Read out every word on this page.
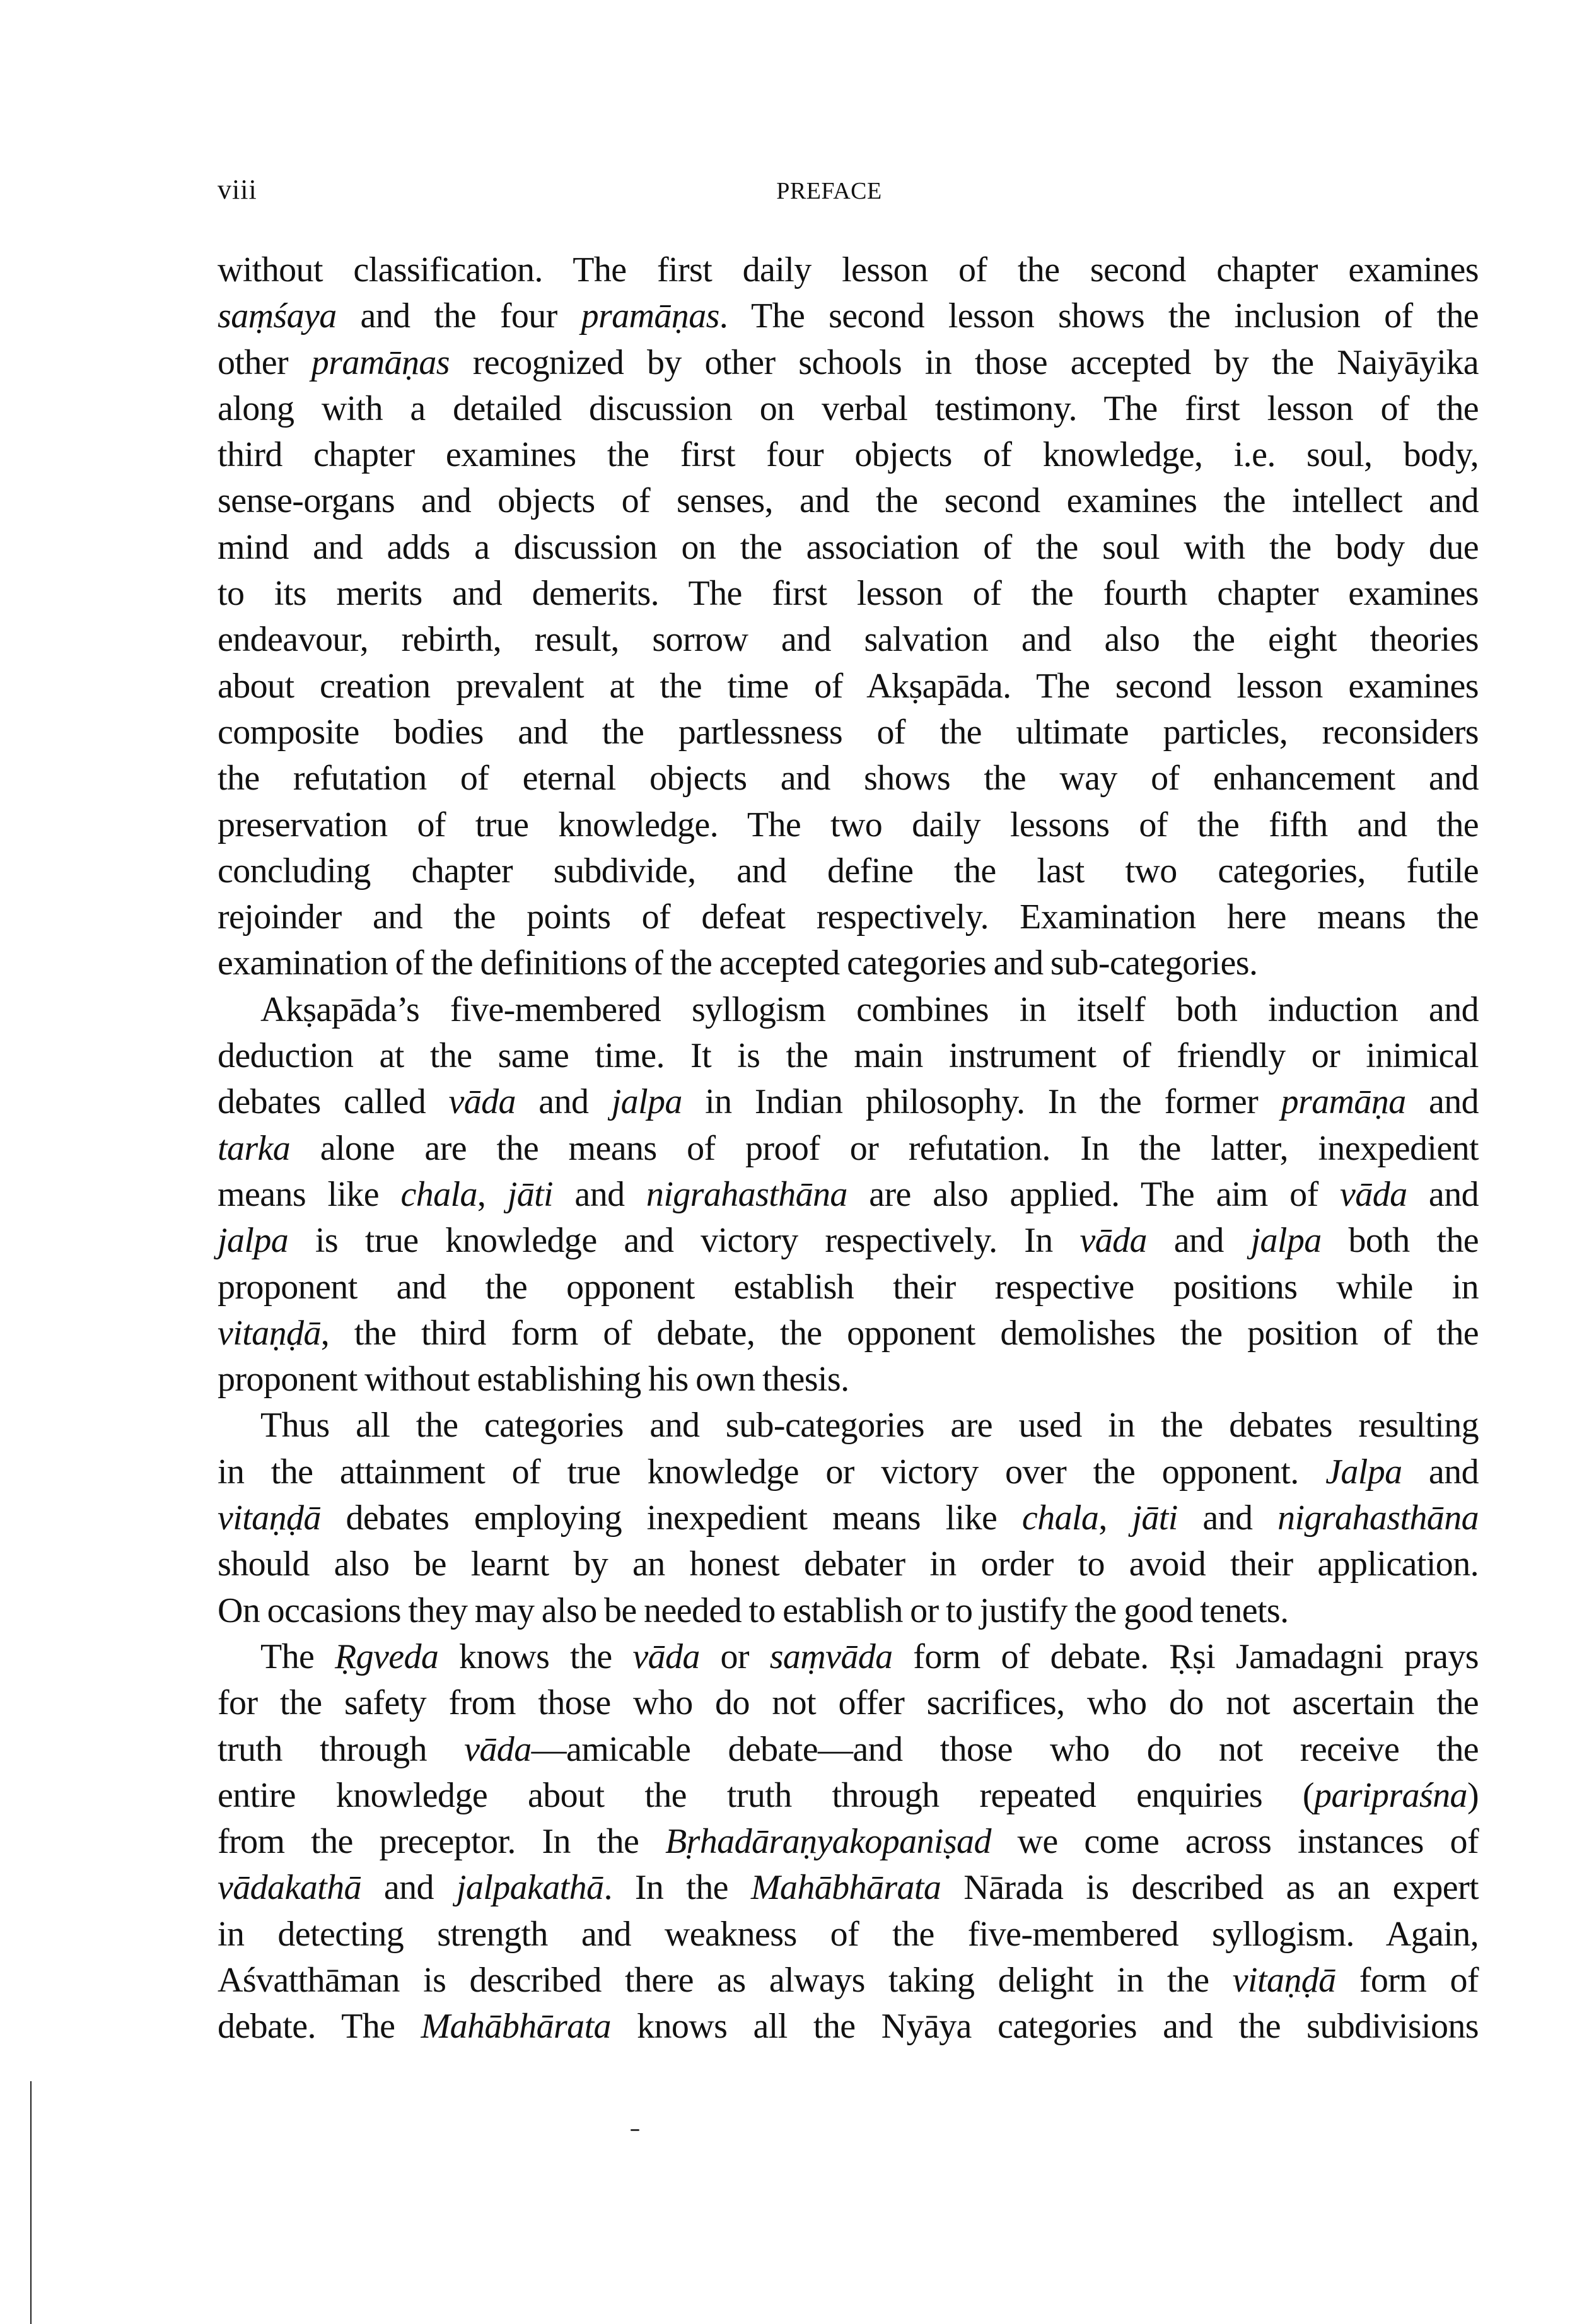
viii	PREFACE
without classification. The first daily lesson of the second chapter examines
saṃśaya and the four pramāṇas. The second lesson shows the inclusion of the
other pramāṇas recognized by other schools in those accepted by the Naiyāyika
along with a detailed discussion on verbal testimony. The first lesson of the
third chapter examines the first four objects of knowledge, i.e. soul, body,
sense-organs and objects of senses, and the second examines the intellect and
mind and adds a discussion on the association of the soul with the body due
to its merits and demerits. The first lesson of the fourth chapter examines
endeavour, rebirth, result, sorrow and salvation and also the eight theories
about creation prevalent at the time of Akṣapāda. The second lesson examines
composite bodies and the partlessness of the ultimate particles, reconsiders
the refutation of eternal objects and shows the way of enhancement and
preservation of true knowledge. The two daily lessons of the fifth and the
concluding chapter subdivide, and define the last two categories, futile
rejoinder and the points of defeat respectively. Examination here means the
examination of the definitions of the accepted categories and sub-categories.
Akṣapāda’s five-membered syllogism combines in itself both induction and
deduction at the same time. It is the main instrument of friendly or inimical
debates called vāda and jalpa in Indian philosophy. In the former pramāṇa and
tarka alone are the means of proof or refutation. In the latter, inexpedient
means like chala, jāti and nigrahasthāna are also applied. The aim of vāda and
jalpa is true knowledge and victory respectively. In vāda and jalpa both the
proponent and the opponent establish their respective positions while in
vitaṇḍā, the third form of debate, the opponent demolishes the position of the
proponent without establishing his own thesis.
Thus all the categories and sub-categories are used in the debates resulting
in the attainment of true knowledge or victory over the opponent. Jalpa and
vitaṇḍā debates employing inexpedient means like chala, jāti and nigrahasthāna
should also be learnt by an honest debater in order to avoid their application.
On occasions they may also be needed to establish or to justify the good tenets.
The Ṛgveda knows the vāda or saṃvāda form of debate. Ṛṣi Jamadagni prays
for the safety from those who do not offer sacrifices, who do not ascertain the
truth through vāda—amicable debate—and those who do not receive the
entire knowledge about the truth through repeated enquiries (paripraśna)
from the preceptor. In the Bṛhadāraṇyakopaniṣad we come across instances of
vādakathā and jalpakathā. In the Mahābhārata Nārada is described as an expert
in detecting strength and weakness of the five-membered syllogism. Again,
Aśvatthāman is described there as always taking delight in the vitaṇḍā form of
debate. The Mahābhārata knows all the Nyāya categories and the subdivisions
